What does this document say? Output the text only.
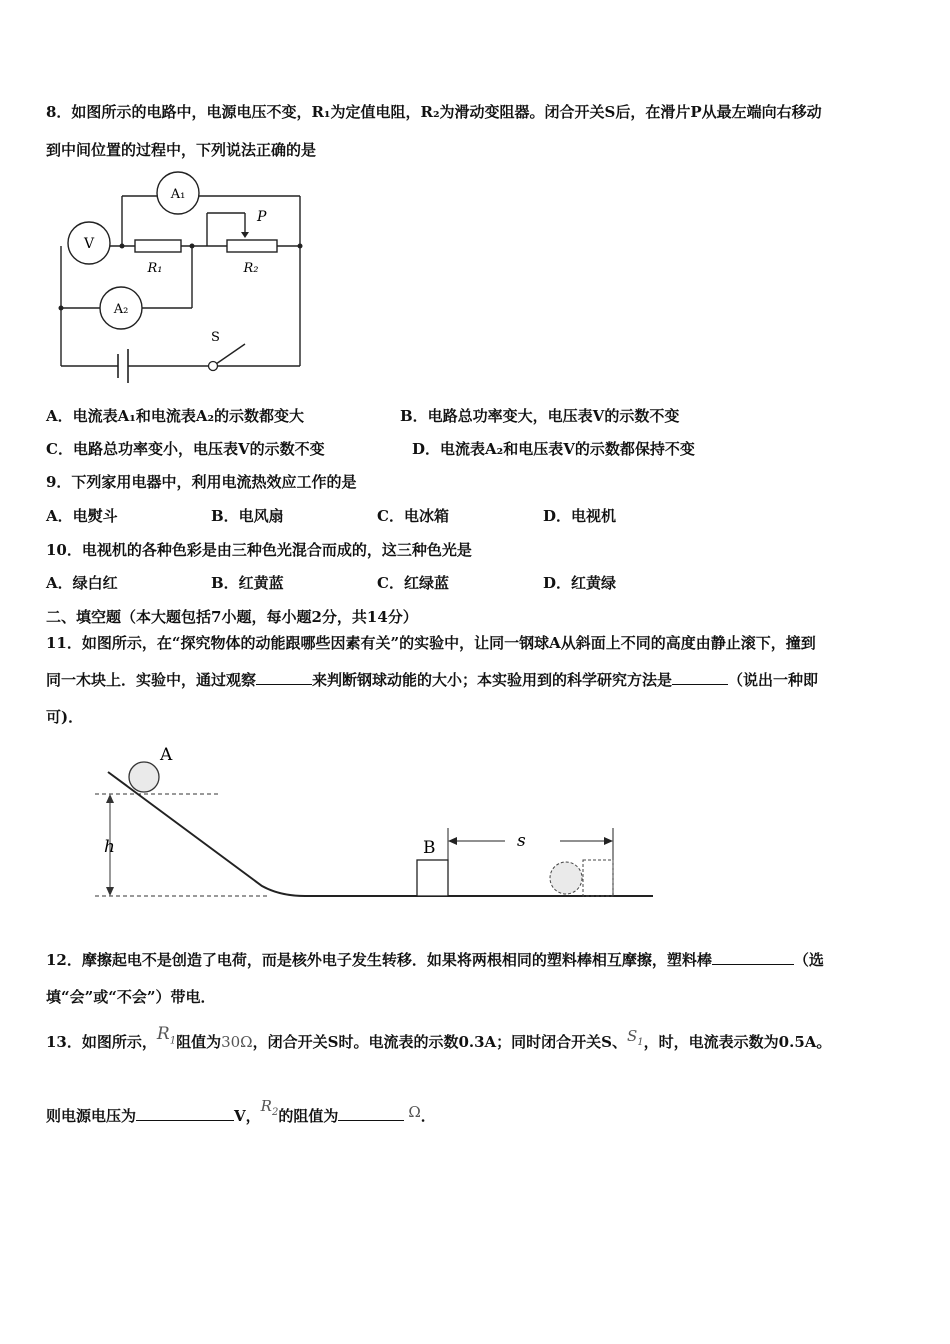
8．如图所示的电路中，电源电压不变，R₁为定值电阻，R₂为滑动变阻器。闭合开关S后，在滑片P从最左端向右移动
到中间位置的过程中，下列说法正确的是
A₁
V
A₂
P
R₁	R₂
S
A．电流表A₁和电流表A₂的示数都变大	B．电路总功率变大，电压表V的示数不变
C．电路总功率变小，电压表V的示数不变	D．电流表A₂和电压表V的示数都保持不变
9．下列家用电器中，利用电流热效应工作的是
A．电熨斗	B．电风扇	C．电冰箱	D．电视机
10．电视机的各种色彩是由三种色光混合而成的，这三种色光是
A．绿白红	B．红黄蓝	C．红绿蓝	D．红黄绿
二、填空题（本大题包括7小题，每小题2分，共14分）
11．如图所示，在“探究物体的动能跟哪些因素有关”的实验中，让同一钢球A从斜面上不同的高度由静止滚下，撞到
同一木块上．实验中，通过观察	来判断钢球动能的大小；本实验用到的科学研究方法是	（说出一种即
可)．
h
A
B	s
12．摩擦起电不是创造了电荷，而是核外电子发生转移．如果将两根相同的塑料棒相互摩擦，塑料棒	（选
填“会”或“不会”）带电．
13．如图所示，$R_1$阻值为30Ω，闭合开关S时。电流表的示数0.3A；同时闭合开关S、$S_1$，时，电流表示数为0.5A。
则电源电压为	V，$R_2$的阻值为	Ω．
